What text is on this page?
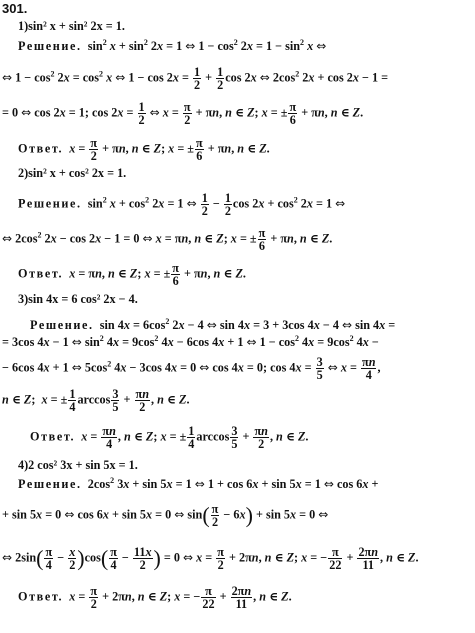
301.
1)sin² x + sin² 2x = 1.
Решение.  $\sin^2 x + \sin^2 2x = 1$ ⇔ $1 - \cos^2 2x = 1 - \sin^2 x$ ⇔
⇔ $1 - \cos^2 2x = \cos^2 x$ ⇔ $1 - \cos 2x = \frac{1}{2} + \frac{1}{2}$ cos 2x ⇔ $2\cos^2$ 2x + cos 2x − 1 =
= 0 ⇔ cos 2x = 1; $\cos 2x = \frac{1}{2}$ ⇔ $x = \frac{\pi}{2} + \pi n$, n ∈ Z; x = ± $\frac{\pi}{6} + \pi n$, n ∈ Z.
Ответ. $x = \frac{\pi}{2} + \pi n$, n ∈ Z; x = ± $\frac{\pi}{6} + \pi n$, n ∈ Z.
2)sin² x + cos² 2x = 1.
Решение.  $\sin^2 x + \cos^2 2x = 1$ ⇔ $\frac{1}{2} - \frac{1}{2}$ $\cos 2x + \cos^2 2x = 1$ ⇔
⇔ $2\cos^2$ 2x − cos 2x − 1 = 0 ⇔ x = πn, n ∈ Z; x = ± $\frac{\pi}{6} + \pi n$, n ∈ Z.
Ответ. x = πn, n ∈ Z; x = ± $\frac{\pi}{6} + \pi n$, n ∈ Z.
3)sin 4x = 6 cos² 2x − 4.
Решение.  $\sin 4x = 6\cos^2$ 2x − 4 ⇔ sin 4x = 3 + 3cos 4x − 4 ⇔ sin 4x =
= 3cos 4x − 1 ⇔ $\sin^2 4x = 9\cos^2$ 4x − 6cos 4x + 1 ⇔ $1 - \cos^2 4x = 9\cos^2$ 4x −
− 6cos 4x + 1 ⇔ $5\cos^2$ 4x − 3cos 4x = 0 ⇔ cos 4x = 0; $\cos 4x = \frac{3}{5}$ ⇔ $x = \frac{\pi n}{4}$ ,
n ∈ Z;  x = ± $\frac{1}{4}$ $\arccos \frac{3}{5} + \frac{\pi n}{2}$ , n ∈ Z.
Ответ. $x = \frac{\pi n}{4}$ , n ∈ Z; x = ± $\frac{1}{4}$ $\arccos \frac{3}{5} + \frac{\pi n}{2}$ , n ∈ Z.
4)2 cos² 3x + sin 5x = 1.
Решение.  $2\cos^2$ 3x + sin 5x = 1 ⇔ 1 + cos 6x + sin 5x = 1 ⇔ cos 6x +
+ sin 5x = 0 ⇔ cos 6x + sin 5x = 0 ⇔ $\sin( \frac{\pi}{2} - 6x) + \sin 5x = 0$ ⇔
⇔ $2\sin( \frac{\pi}{4} - \frac{x}{2} )\cos( \frac{\pi}{4} - \frac{11x}{2}$ ) = 0 ⇔ $x = \frac{\pi}{2} + 2\pi n$, n ∈ Z; x = − $\frac{\pi}{22} + \frac{2\pi n}{11}$ , n ∈ Z.
Ответ. $x = \frac{\pi}{2} + 2\pi n$, n ∈ Z; x = − $\frac{\pi}{22} + \frac{2\pi n}{11}$ , n ∈ Z.
